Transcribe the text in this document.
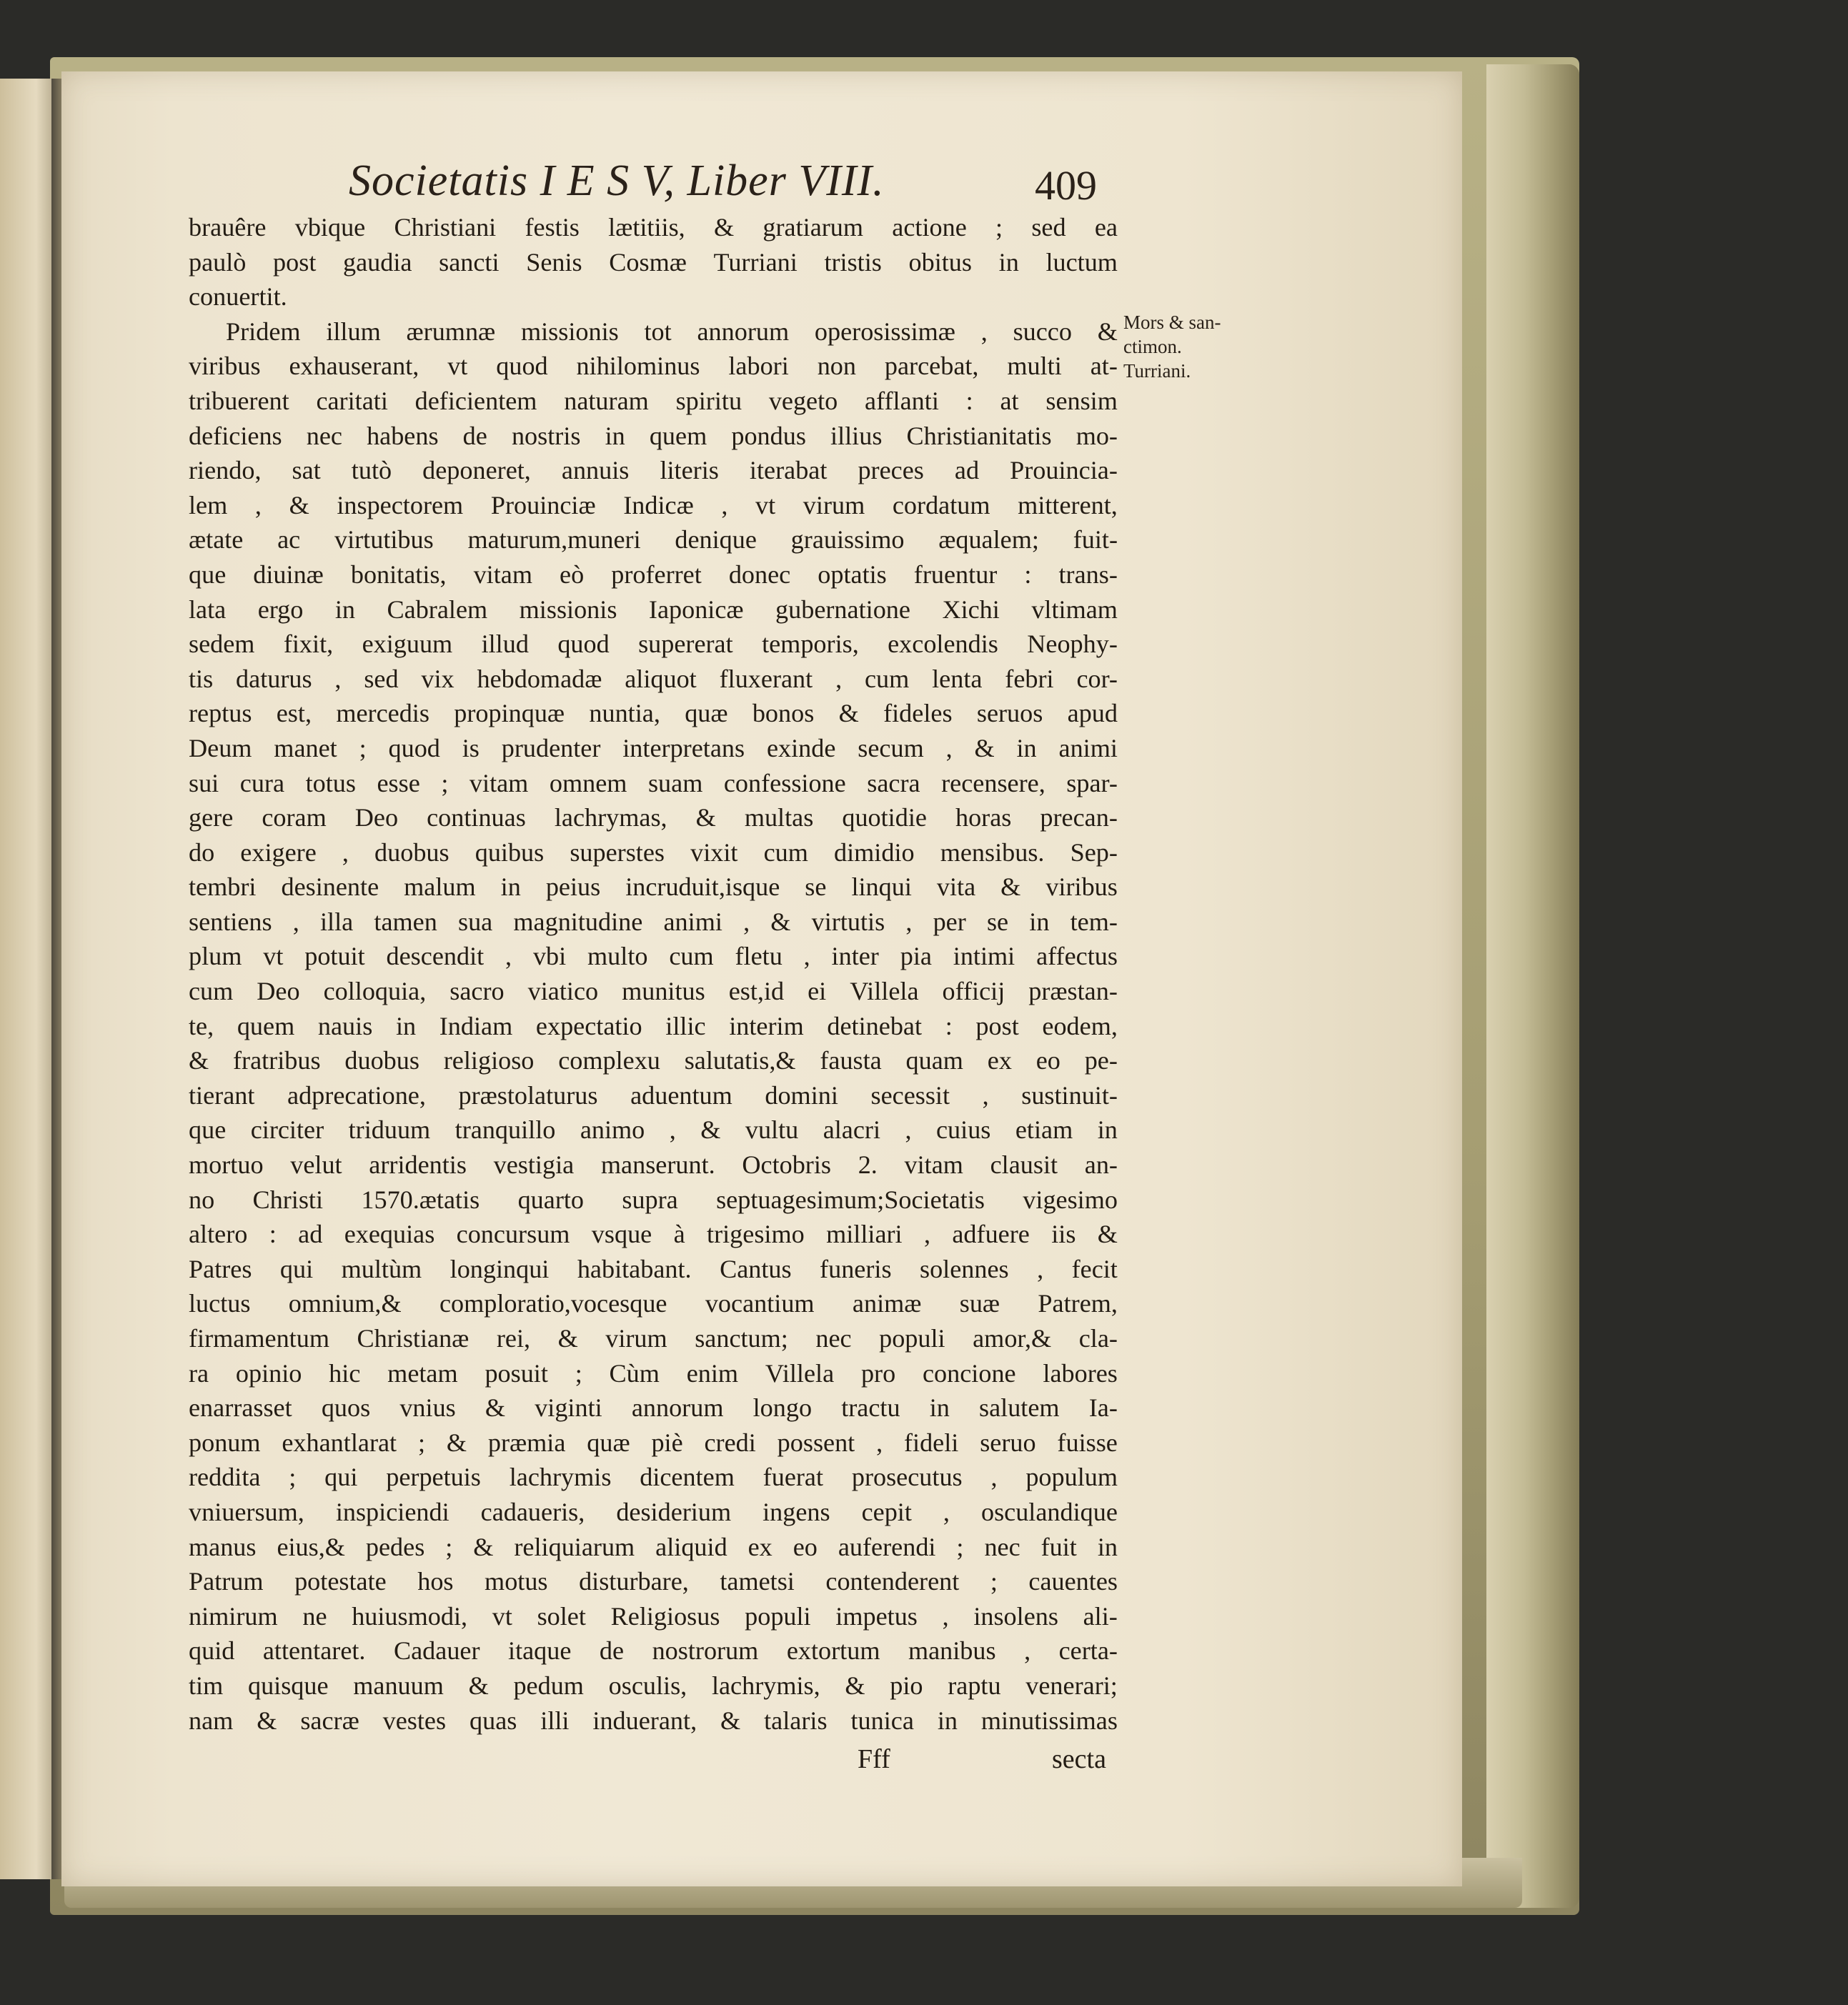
Societatis I E S V, Liber VIII.	409
brauêre vbique Christiani festis lætitiis, & gratiarum actione ; sed ea
paulò post gaudia sancti Senis Cosmæ Turriani tristis obitus in luctum
conuertit.
Pridem illum ærumnæ missionis tot annorum operosissimæ , succo &
viribus exhauserant, vt quod nihilominus labori non parcebat, multi at-
tribuerent caritati deficientem naturam spiritu vegeto afflanti : at sensim
deficiens nec habens de nostris in quem pondus illius Christianitatis mo-
riendo, sat tutò deponeret, annuis literis iterabat preces ad Prouincia-
lem , & inspectorem Prouinciæ Indicæ , vt virum cordatum mitterent,
ætate ac virtutibus maturum,muneri denique grauissimo æqualem; fuit-
que diuinæ bonitatis, vitam eò proferret donec optatis fruentur : trans-
lata ergo in Cabralem missionis Iaponicæ gubernatione Xichi vltimam
sedem fixit, exiguum illud quod supererat temporis, excolendis Neophy-
tis daturus , sed vix hebdomadæ aliquot fluxerant , cum lenta febri cor-
reptus est, mercedis propinquæ nuntia, quæ bonos & fideles seruos apud
Deum manet ; quod is prudenter interpretans exinde secum , & in animi
sui cura totus esse ; vitam omnem suam confessione sacra recensere, spar-
gere coram Deo continuas lachrymas, & multas quotidie horas precan-
do exigere , duobus quibus superstes vixit cum dimidio mensibus. Sep-
tembri desinente malum in peius incruduit,isque se linqui vita & viribus
sentiens , illa tamen sua magnitudine animi , & virtutis , per se in tem-
plum vt potuit descendit , vbi multo cum fletu , inter pia intimi affectus
cum Deo colloquia, sacro viatico munitus est,id ei Villela officij præstan-
te, quem nauis in Indiam expectatio illic interim detinebat : post eodem,
& fratribus duobus religioso complexu salutatis,& fausta quam ex eo pe-
tierant adprecatione, præstolaturus aduentum domini secessit , sustinuit-
que circiter triduum tranquillo animo , & vultu alacri , cuius etiam in
mortuo velut arridentis vestigia manserunt. Octobris 2. vitam clausit an-
no Christi 1570.ætatis quarto supra septuagesimum;Societatis vigesimo
altero : ad exequias concursum vsque à trigesimo milliari , adfuere iis &
Patres qui multùm longinqui habitabant. Cantus funeris solennes , fecit
luctus omnium,& comploratio,vocesque vocantium animæ suæ Patrem,
firmamentum Christianæ rei, & virum sanctum; nec populi amor,& cla-
ra opinio hic metam posuit ; Cùm enim Villela pro concione labores
enarrasset quos vnius & viginti annorum longo tractu in salutem Ia-
ponum exhantlarat ; & præmia quæ piè credi possent , fideli seruo fuisse
reddita ; qui perpetuis lachrymis dicentem fuerat prosecutus , populum
vniuersum, inspiciendi cadaueris, desiderium ingens cepit , osculandique
manus eius,& pedes ; & reliquiarum aliquid ex eo auferendi ; nec fuit in
Patrum potestate hos motus disturbare, tametsi contenderent ; cauentes
nimirum ne huiusmodi, vt solet Religiosus populi impetus , insolens ali-
quid attentaret. Cadauer itaque de nostrorum extortum manibus , certa-
tim quisque manuum & pedum osculis, lachrymis, & pio raptu venerari;
nam & sacræ vestes quas illi induerant, & talaris tunica in minutissimas
Mors & san-
ctimon.
Turriani.
Fff	secta
